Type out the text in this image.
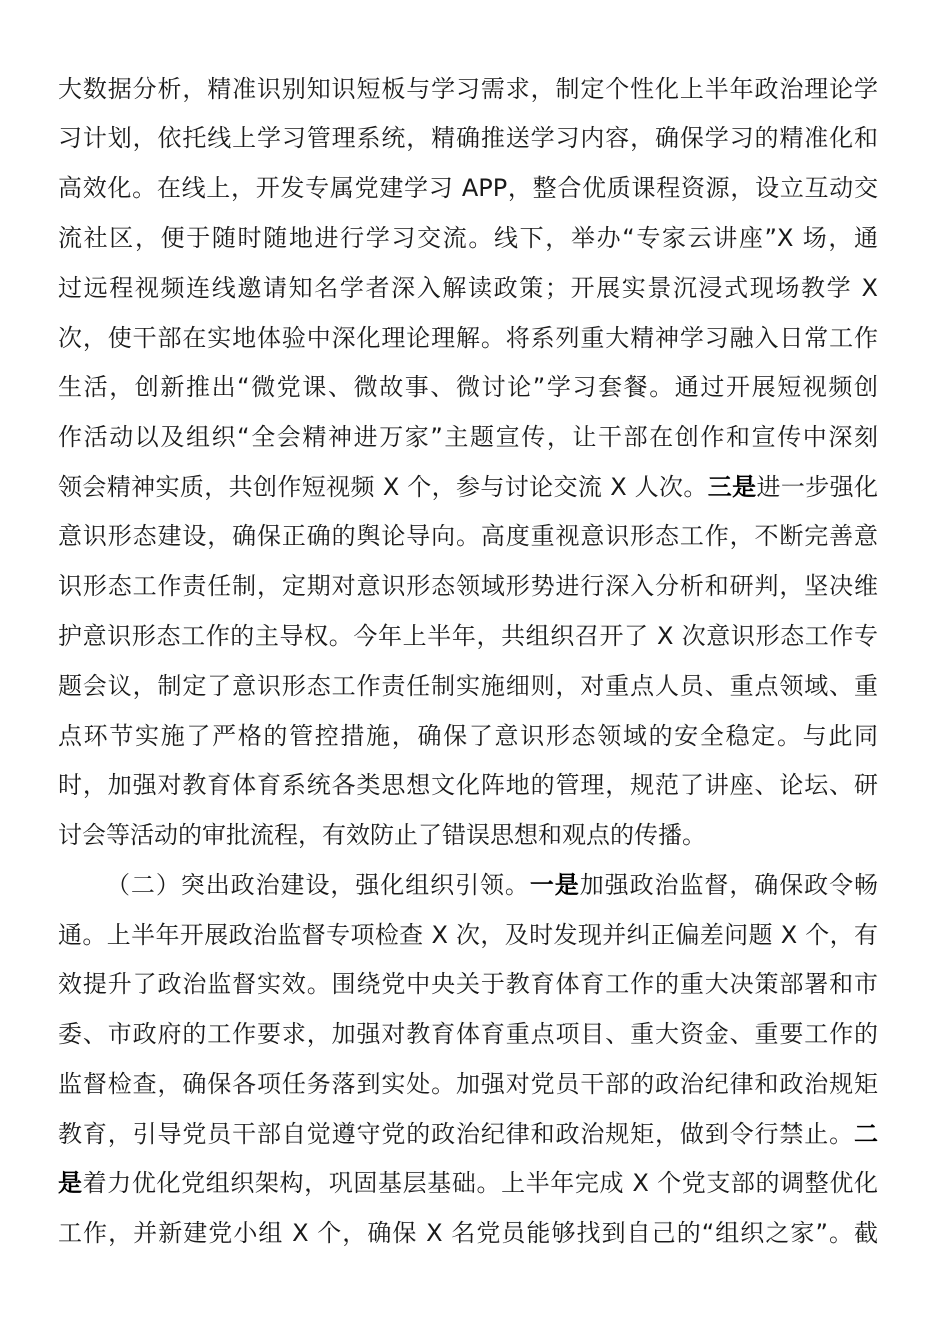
大数据分析，精准识别知识短板与学习需求，制定个性化上半年政治理论学
习计划，依托线上学习管理系统，精确推送学习内容，确保学习的精准化和
高效化。在线上，开发专属党建学习 APP，整合优质课程资源，设立互动交
流社区，便于随时随地进行学习交流。线下，举办“专家云讲座”X 场，通
过远程视频连线邀请知名学者深入解读政策；开展实景沉浸式现场教学 X
次，使干部在实地体验中深化理论理解。将系列重大精神学习融入日常工作
生活，创新推出“微党课、微故事、微讨论”学习套餐。通过开展短视频创
作活动以及组织“全会精神进万家”主题宣传，让干部在创作和宣传中深刻
领会精神实质，共创作短视频 X 个，参与讨论交流 X 人次。三是进一步强化
意识形态建设，确保正确的舆论导向。高度重视意识形态工作，不断完善意
识形态工作责任制，定期对意识形态领域形势进行深入分析和研判，坚决维
护意识形态工作的主导权。今年上半年，共组织召开了 X 次意识形态工作专
题会议，制定了意识形态工作责任制实施细则，对重点人员、重点领域、重
点环节实施了严格的管控措施，确保了意识形态领域的安全稳定。与此同
时，加强对教育体育系统各类思想文化阵地的管理，规范了讲座、论坛、研
讨会等活动的审批流程，有效防止了错误思想和观点的传播。
（二）突出政治建设，强化组织引领。一是加强政治监督，确保政令畅
通。上半年开展政治监督专项检查 X 次，及时发现并纠正偏差问题 X 个，有
效提升了政治监督实效。围绕党中央关于教育体育工作的重大决策部署和市
委、市政府的工作要求，加强对教育体育重点项目、重大资金、重要工作的
监督检查，确保各项任务落到实处。加强对党员干部的政治纪律和政治规矩
教育，引导党员干部自觉遵守党的政治纪律和政治规矩，做到令行禁止。二
是着力优化党组织架构，巩固基层基础。上半年完成 X 个党支部的调整优化
工作，并新建党小组 X 个，确保 X 名党员能够找到自己的“组织之家”。截
